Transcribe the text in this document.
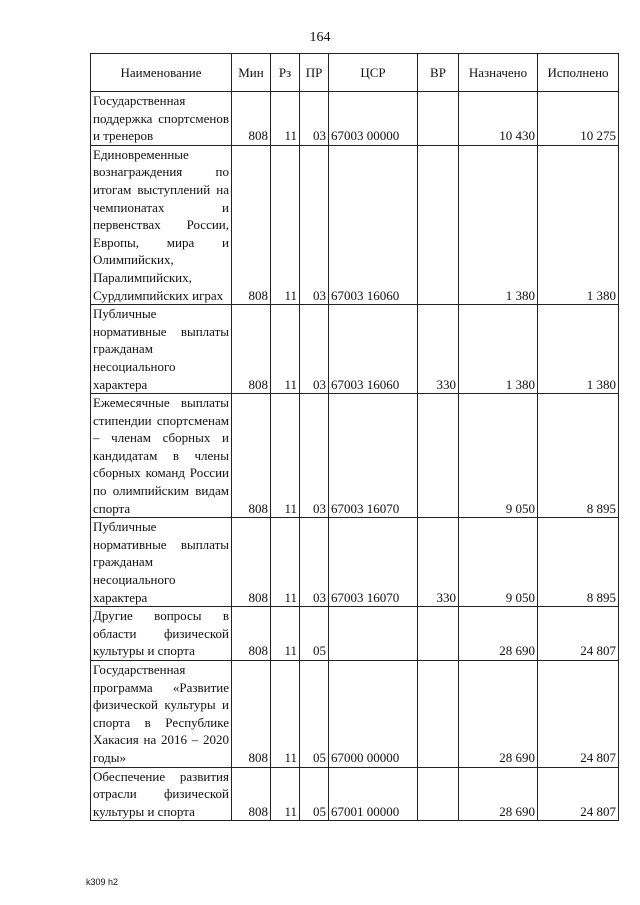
164
Наименование	Мин	Рз	ПР	ЦСР	ВР	Назначено	Исполнено
Государственная поддержка спортсменов и тренеров	808	11	03	67003 00000		10 430	10 275
Единовременные вознаграждения по итогам выступлений на чемпионатах и первенствах России, Европы, мира и Олимпийских, Паралимпийских, Сурдлимпийских играх	808	11	03	67003 16060		1 380	1 380
Публичные нормативные выплаты гражданам несоциального характера	808	11	03	67003 16060	330	1 380	1 380
Ежемесячные выплаты стипендии спортсменам – членам сборных и кандидатам в члены сборных команд России по олимпийским видам спорта	808	11	03	67003 16070		9 050	8 895
Публичные нормативные выплаты гражданам несоциального характера	808	11	03	67003 16070	330	9 050	8 895
Другие вопросы в области физической культуры и спорта	808	11	05			28 690	24 807
Государственная программа «Развитие физической культуры и спорта в Республике Хакасия на 2016 – 2020 годы»	808	11	05	67000 00000		28 690	24 807
Обеспечение развития отрасли физической культуры и спорта	808	11	05	67001 00000		28 690	24 807
k309 h2
